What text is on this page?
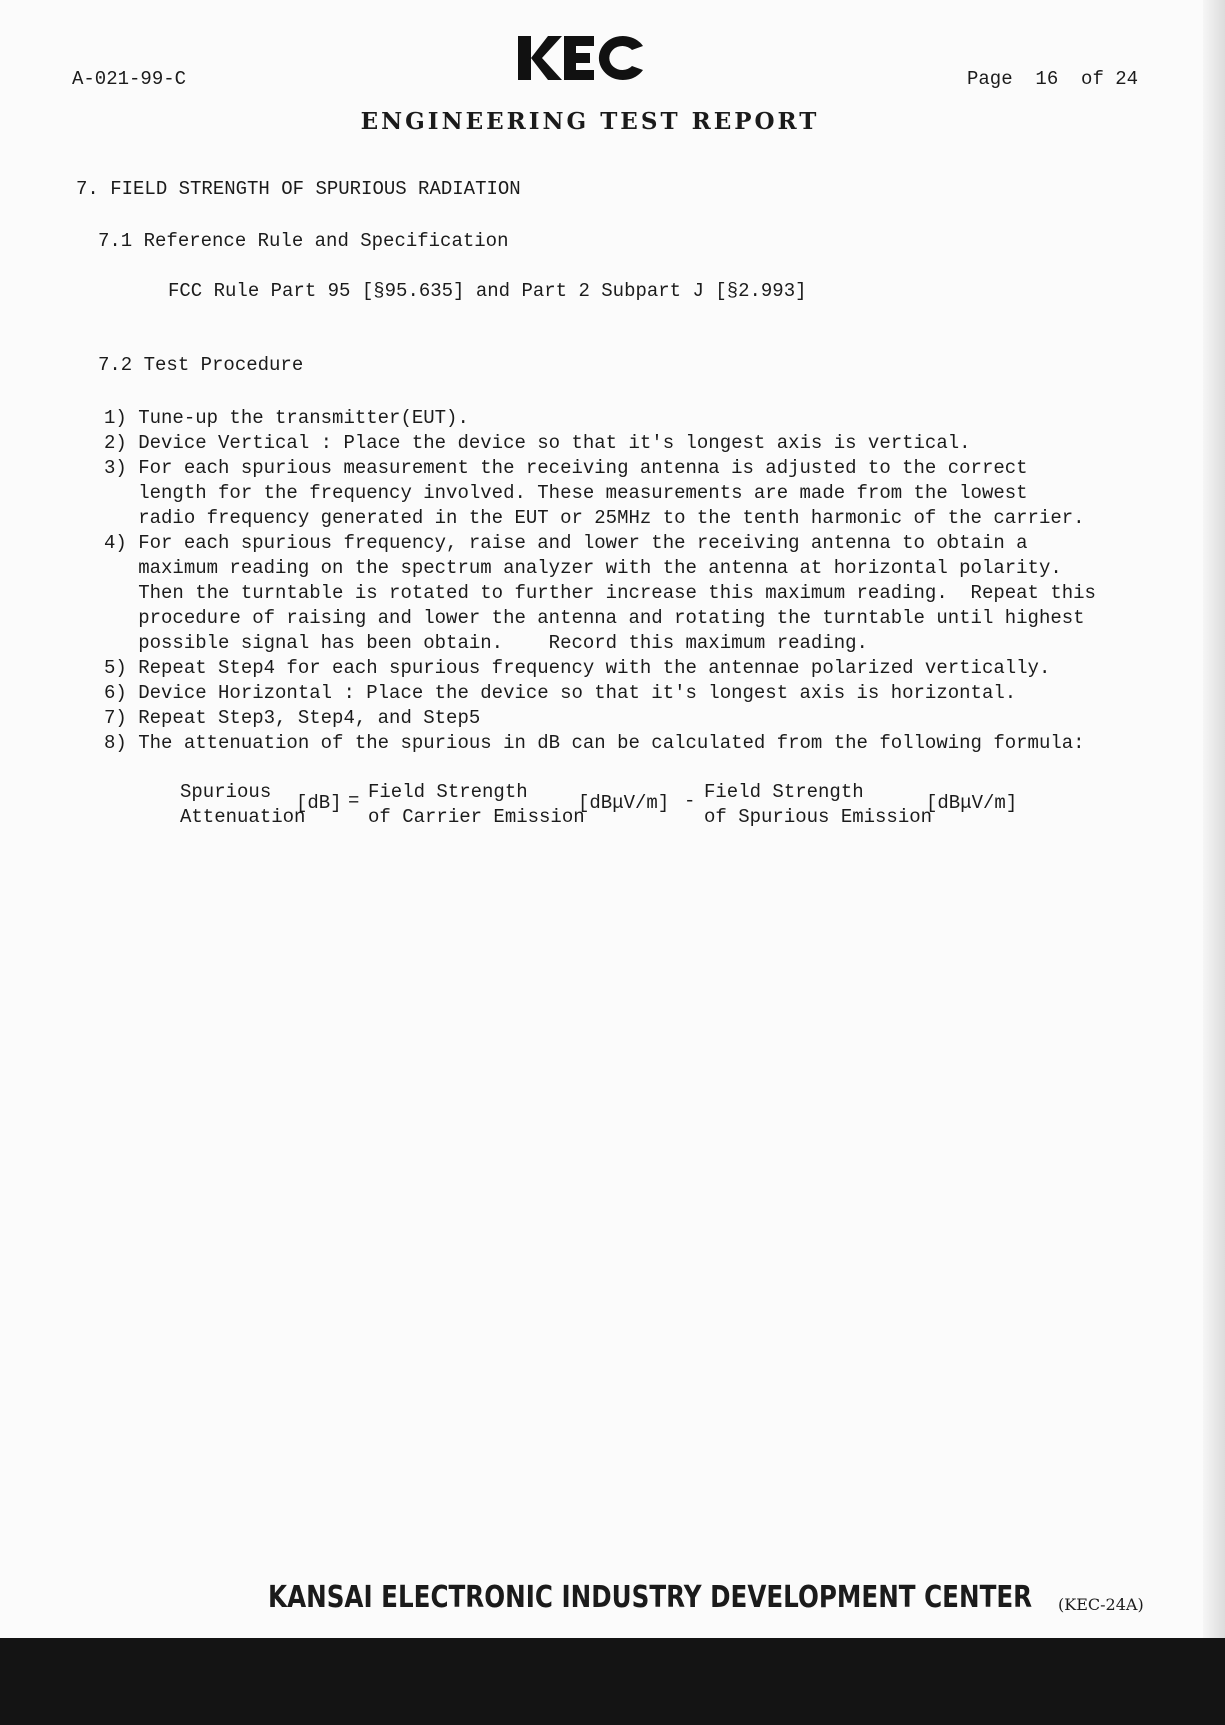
A-021-99-C	Page 16 of 24
ENGINEERING TEST REPORT
7. FIELD STRENGTH OF SPURIOUS RADIATION
7.1 Reference Rule and Specification
FCC Rule Part 95 [§95.635] and Part 2 Subpart J [§2.993]
7.2 Test Procedure
1) Tune-up the transmitter(EUT).
2) Device Vertical : Place the device so that it's longest axis is vertical.
3) For each spurious measurement the receiving antenna is adjusted to the correct
length for the frequency involved. These measurements are made from the lowest
radio frequency generated in the EUT or 25MHz to the tenth harmonic of the carrier.
4) For each spurious frequency, raise and lower the receiving antenna to obtain a
maximum reading on the spectrum analyzer with the antenna at horizontal polarity.
Then the turntable is rotated to further increase this maximum reading.  Repeat this
procedure of raising and lower the antenna and rotating the turntable until highest
possible signal has been obtain.    Record this maximum reading.
5) Repeat Step4 for each spurious frequency with the antennae polarized vertically.
6) Device Horizontal : Place the device so that it's longest axis is horizontal.
7) Repeat Step3, Step4, and Step5
8) The attenuation of the spurious in dB can be calculated from the following formula:
Spurious
Attenuation
[dB] = Field Strength
of Carrier Emission
[dBμV/m] - Field Strength
of Spurious Emission
[dBμV/m]
KANSAI ELECTRONIC INDUSTRY DEVELOPMENT CENTER (KEC-24A)
